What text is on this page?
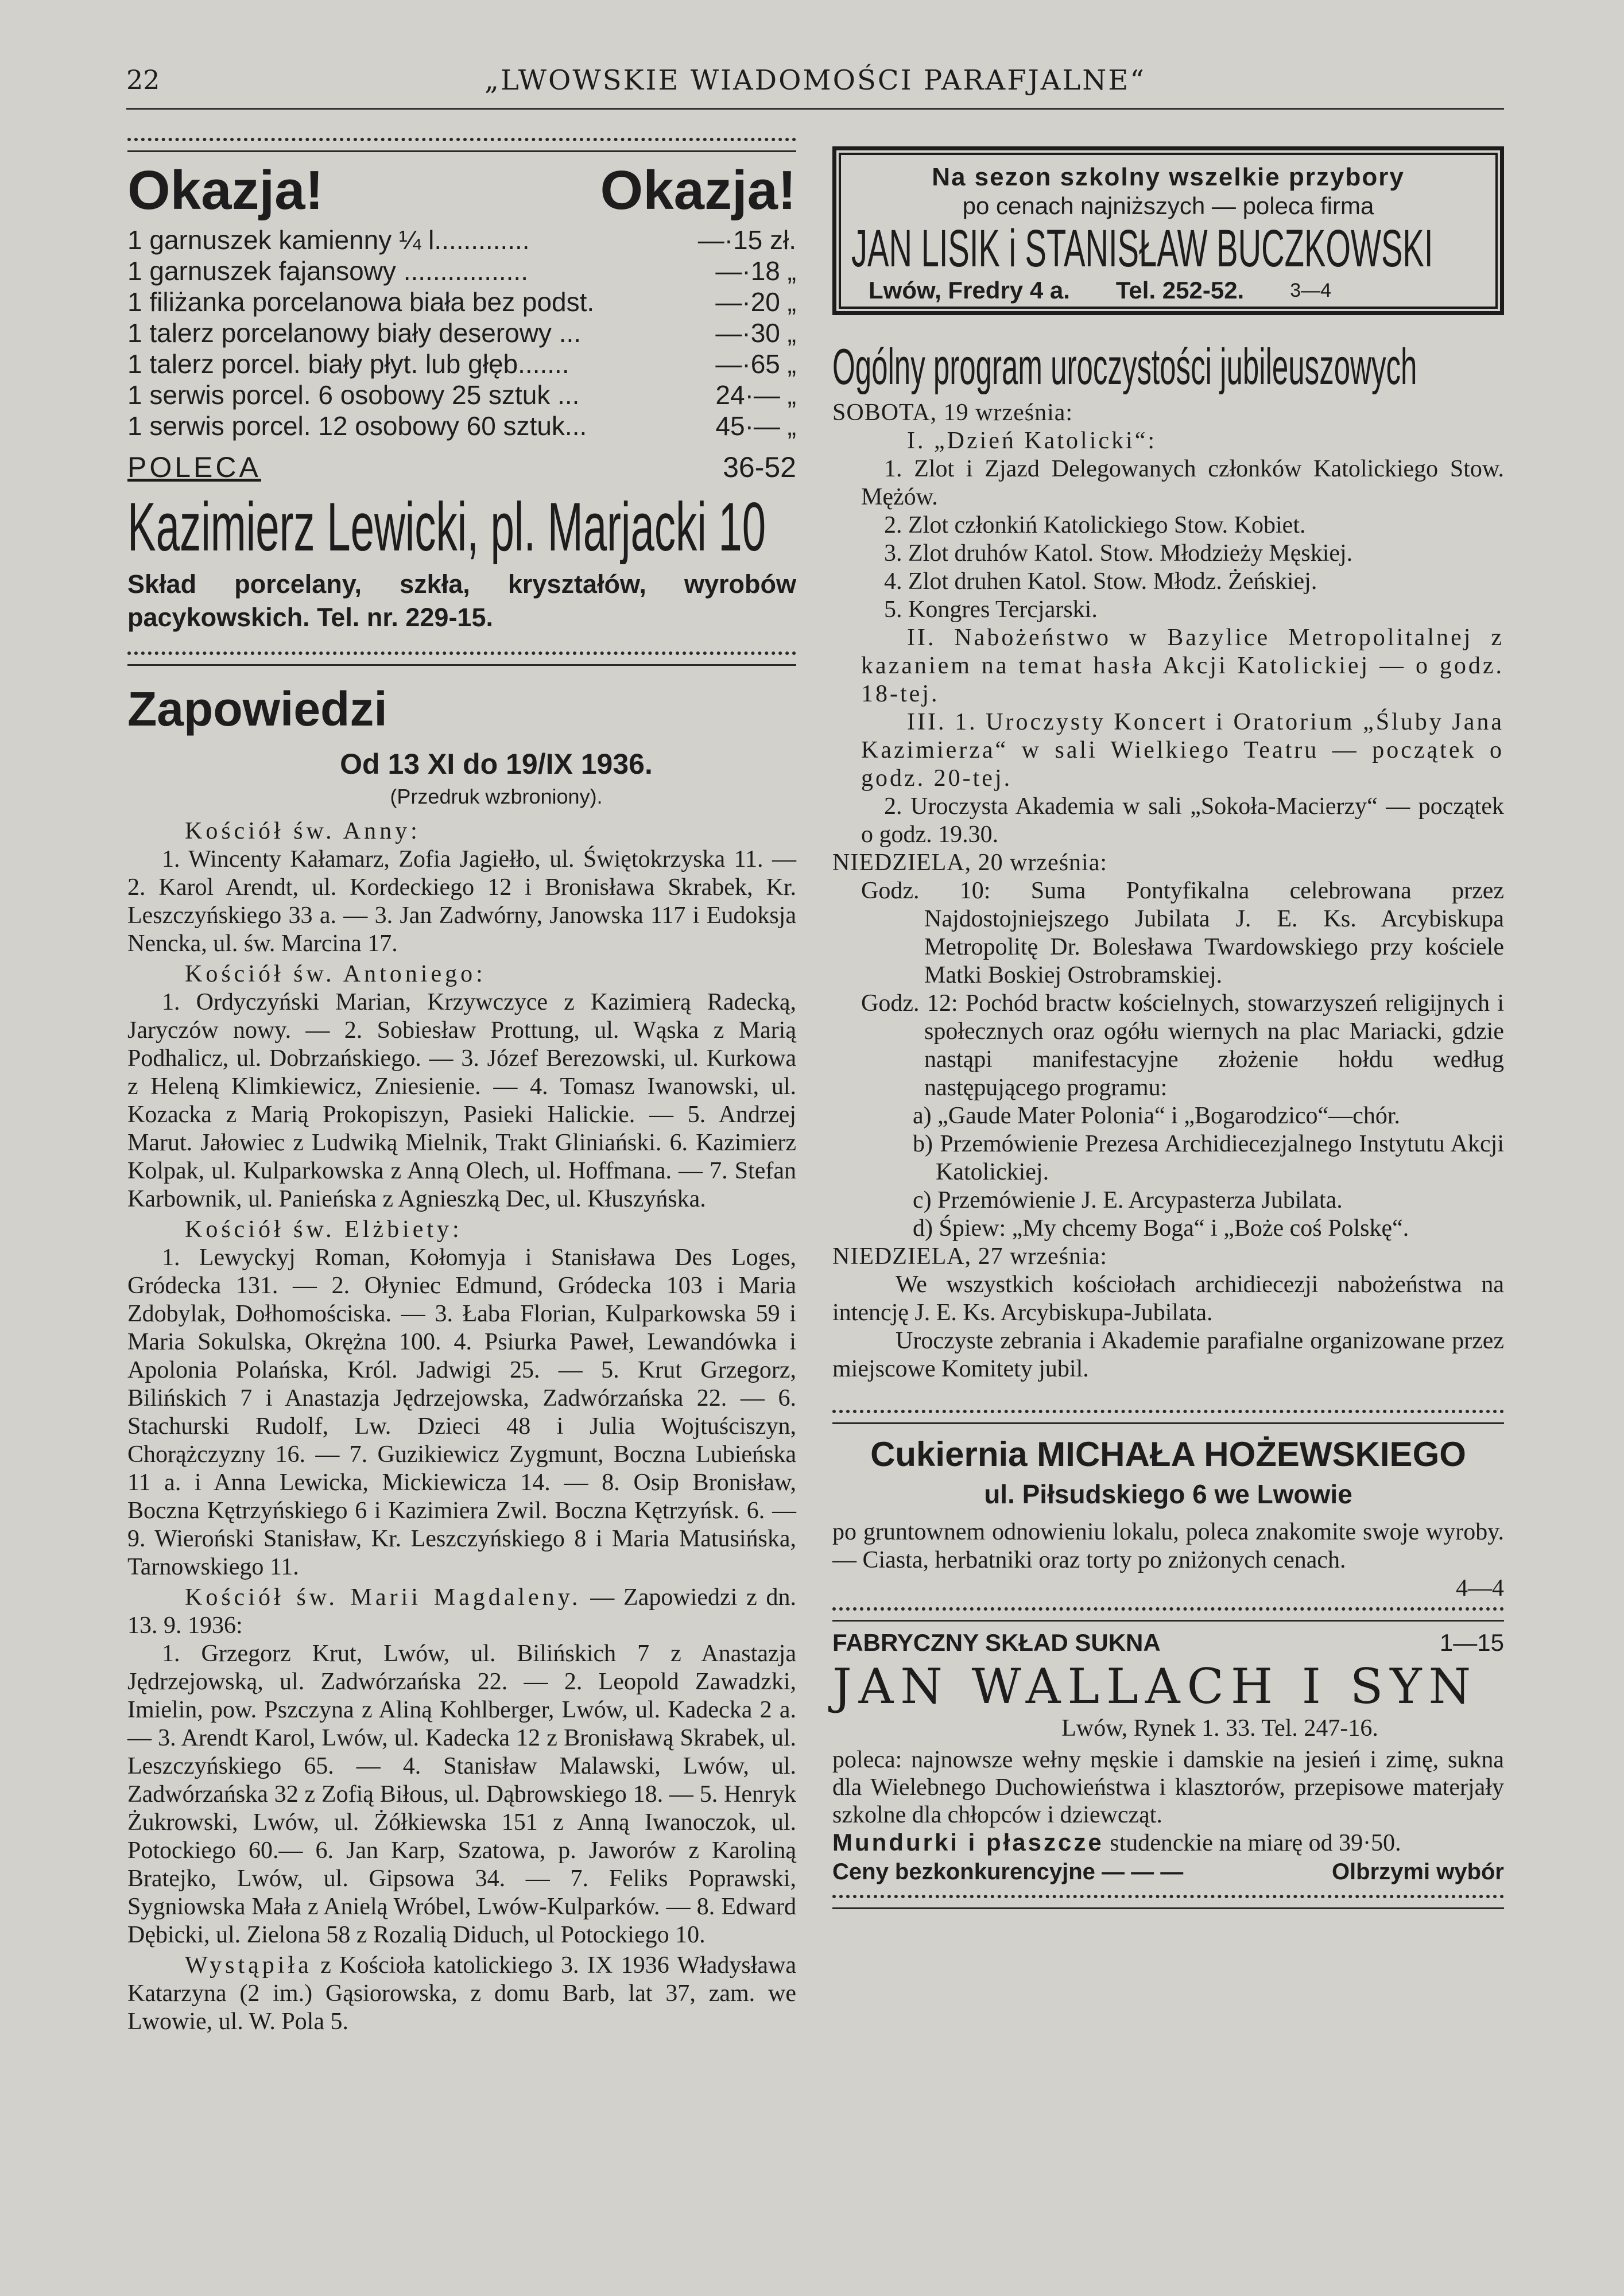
22	„LWOWSKIE WIADOMOŚCI PARAFJALNE“
Okazja!	Okazja!
1 garnuszek kamienny ¼ l.............	—·15 zł.
1 garnuszek fajansowy .................	—·18 „
1 filiżanka porcelanowa biała bez podst.	—·20 „
1 talerz porcelanowy biały deserowy ...	—·30 „
1 talerz porcel. biały płyt. lub głęb.......	—·65 „
1 serwis porcel. 6 osobowy 25 sztuk ...	24·— „
1 serwis porcel. 12 osobowy 60 sztuk...	45·— „
POLECA	36-52
Kazimierz Lewicki, pl. Marjacki 10

Skład porcelany, szkła, kryształów, wyrobów pacykowskich. Tel. nr. 229-15.

Zapowiedzi
Od 13 XI do 19/IX 1936.
(Przedruk wzbroniony).

Kościół św. Anny:

1. Wincenty Kałamarz, Zofia Jagiełło, ul. Świętokrzyska 11. — 2. Karol Arendt, ul. Kordeckiego 12 i Bronisława Skrabek, Kr. Leszczyńskiego 33 a. — 3. Jan Zadwórny, Janowska 117 i Eudoksja Nencka, ul. św. Marcina 17.

Kościół św. Antoniego:

1. Ordyczyński Marian, Krzywczyce z Kazimierą Radecką, Jaryczów nowy. — 2. Sobiesław Prottung, ul. Wąska z Marią Podhalicz, ul. Dobrzańskiego. — 3. Józef Berezowski, ul. Kurkowa z Heleną Klimkiewicz, Zniesienie. — 4. Tomasz Iwanowski, ul. Kozacka z Marią Prokopiszyn, Pasieki Halickie. — 5. Andrzej Marut. Jałowiec z Ludwiką Mielnik, Trakt Gliniański. 6. Kazimierz Kolpak, ul. Kulparkowska z Anną Olech, ul. Hoffmana. — 7. Stefan Karbownik, ul. Panieńska z Agnieszką Dec, ul. Kłuszyńska.

Kościół św. Elżbiety:

1. Lewyckyj Roman, Kołomyja i Stanisława Des Loges, Gródecka 131. — 2. Ołyniec Edmund, Gródecka 103 i Maria Zdobylak, Dołhomościska. — 3. Łaba Florian, Kulparkowska 59 i Maria Sokulska, Okrężna 100. 4. Psiurka Paweł, Lewandówka i Apolonia Polańska, Król. Jadwigi 25. — 5. Krut Grzegorz, Bilińskich 7 i Anastazja Jędrzejowska, Zadwórzańska 22. — 6. Stachurski Rudolf, Lw. Dzieci 48 i Julia Wojtuściszyn, Chorążczyzny 16. — 7. Guzikiewicz Zygmunt, Boczna Lubieńska 11 a. i Anna Lewicka, Mickiewicza 14. — 8. Osip Bronisław, Boczna Kętrzyńskiego 6 i Kazimiera Zwil. Boczna Kętrzyńsk. 6. — 9. Wieroński Stanisław, Kr. Leszczyńskiego 8 i Maria Matusińska, Tarnowskiego 11.

Kościół św. Marii Magdaleny. — Zapowiedzi z dn. 13. 9. 1936:

1. Grzegorz Krut, Lwów, ul. Bilińskich 7 z Anastazja Jędrzejowską, ul. Zadwórzańska 22. — 2. Leopold Zawadzki, Imielin, pow. Pszczyna z Aliną Kohlberger, Lwów, ul. Kadecka 2 a. — 3. Arendt Karol, Lwów, ul. Kadecka 12 z Bronisławą Skrabek, ul. Leszczyńskiego 65. — 4. Stanisław Malawski, Lwów, ul. Zadwórzańska 32 z Zofią Biłous, ul. Dąbrowskiego 18. — 5. Henryk Żukrowski, Lwów, ul. Żółkiewska 151 z Anną Iwanoczok, ul. Potockiego 60.— 6. Jan Karp, Szatowa, p. Jaworów z Karoliną Bratejko, Lwów, ul. Gipsowa 34. — 7. Feliks Poprawski, Sygniowska Mała z Anielą Wróbel, Lwów-Kulparków. — 8. Edward Dębicki, ul. Zielona 58 z Rozalią Diduch, ul Potockiego 10.

Wystąpiła z Kościoła katolickiego 3. IX 1936 Władysława Katarzyna (2 im.) Gąsiorowska, z domu Barb, lat 37, zam. we Lwowie, ul. W. Pola 5.

Na sezon szkolny wszelkie przybory
po cenach najniższych — poleca firma
JAN LISIK i STANISŁAW BUCZKOWSKI
Lwów, Fredry 4 a. Tel. 252-52. 3—4
Ogólny program uroczystości jubileuszowych

SOBOTA, 19 września:

I. „Dzień Katolicki“:

1. Zlot i Zjazd Delegowanych członków Katolickiego Stow. Mężów.

2. Zlot członkiń Katolickiego Stow. Kobiet.

3. Zlot druhów Katol. Stow. Młodzieży Męskiej.

4. Zlot druhen Katol. Stow. Młodz. Żeńskiej.

5. Kongres Tercjarski.

II. Nabożeństwo w Bazylice Metropolitalnej z kazaniem na temat hasła Akcji Katolickiej — o godz. 18-tej.

III. 1. Uroczysty Koncert i Oratorium „Śluby Jana Kazimierza“ w sali Wielkiego Teatru — początek o godz. 20-tej.

2. Uroczysta Akademia w sali „Sokoła-Macierzy“ — początek o godz. 19.30.

NIEDZIELA, 20 września:

Godz. 10: Suma Pontyfikalna celebrowana przez Najdostojniejszego Jubilata J. E. Ks. Arcybiskupa Metropolitę Dr. Bolesława Twardowskiego przy kościele Matki Boskiej Ostrobramskiej.

Godz. 12: Pochód bractw kościelnych, stowarzyszeń religijnych i społecznych oraz ogółu wiernych na plac Mariacki, gdzie nastąpi manifestacyjne złożenie hołdu według następującego programu:

a) „Gaude Mater Polonia“ i „Bogarodzico“—chór.

b) Przemówienie Prezesa Archidiecezjalnego Instytutu Akcji Katolickiej.

c) Przemówienie J. E. Arcypasterza Jubilata.

d) Śpiew: „My chcemy Boga“ i „Boże coś Polskę“.

NIEDZIELA, 27 września:

We wszystkich kościołach archidiecezji nabożeństwa na intencję J. E. Ks. Arcybiskupa-Jubilata.

Uroczyste zebrania i Akademie parafialne organizowane przez miejscowe Komitety jubil.

Cukiernia MICHAŁA HOŻEWSKIEGO
ul. Piłsudskiego 6 we Lwowie

po gruntownem odnowieniu lokalu, poleca znakomite swoje wyroby. — Ciasta, herbatniki oraz torty po zniżonych cenach.

4—4
FABRYCZNY SKŁAD SUKNA	1—15
JAN WALLACH I SYN
Lwów, Rynek 1. 33. Tel. 247-16.

poleca: najnowsze wełny męskie i damskie na jesień i zimę, sukna dla Wielebnego Duchowieństwa i klasztorów, przepisowe materjały szkolne dla chłopców i dziewcząt.

Mundurki i płaszcze studenckie na miarę od 39·50.

Ceny bezkonkurencyjne — — —	Olbrzymi wybór
